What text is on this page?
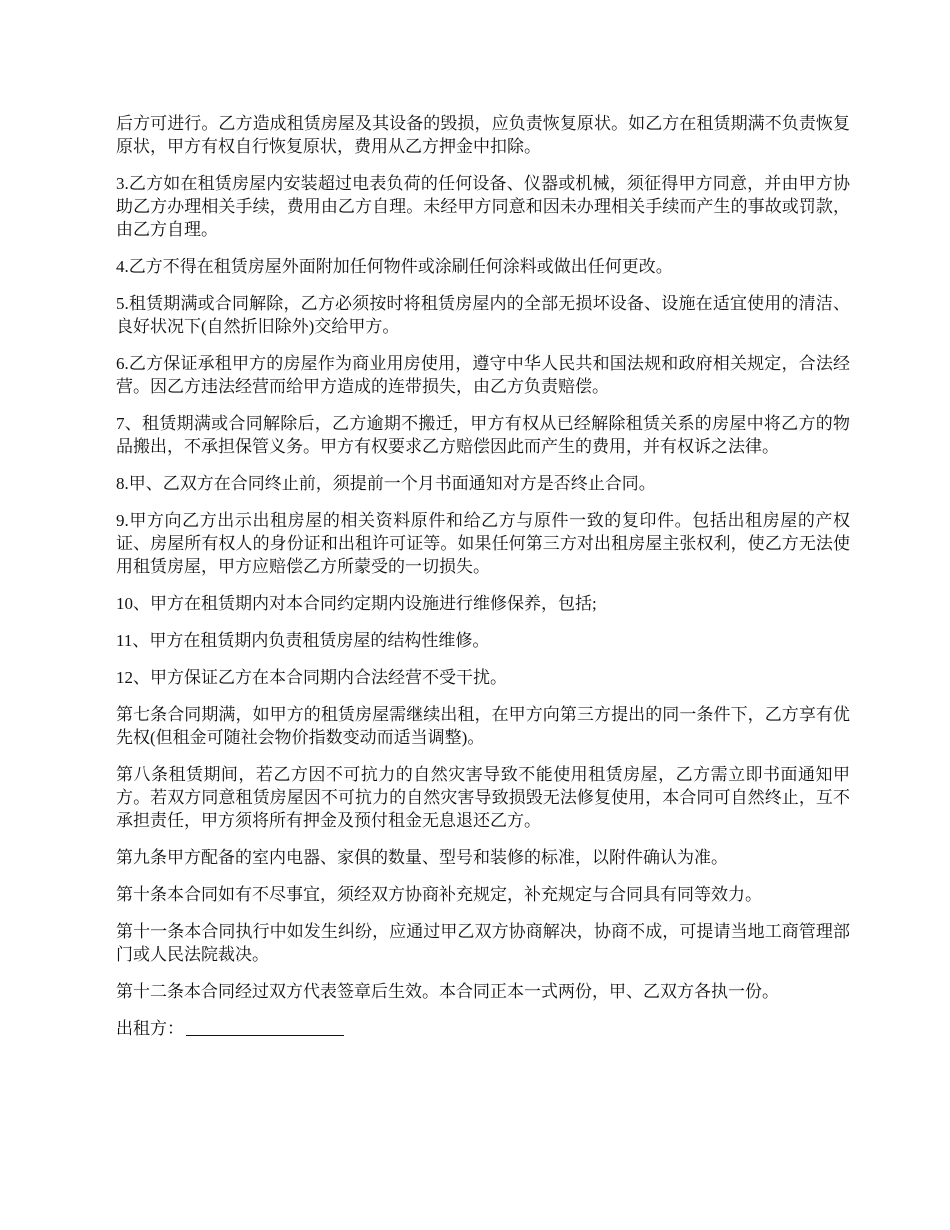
后方可进行。乙方造成租赁房屋及其设备的毁损，应负责恢复原状。如乙方在租赁期满不负责恢复原状，甲方有权自行恢复原状，费用从乙方押金中扣除。

3.乙方如在租赁房屋内安装超过电表负荷的任何设备、仪器或机械，须征得甲方同意，并由甲方协助乙方办理相关手续，费用由乙方自理。未经甲方同意和因未办理相关手续而产生的事故或罚款，由乙方自理。

4.乙方不得在租赁房屋外面附加任何物件或涂刷任何涂料或做出任何更改。

5.租赁期满或合同解除，乙方必须按时将租赁房屋内的全部无损坏设备、设施在适宜使用的清洁、良好状况下(自然折旧除外)交给甲方。

6.乙方保证承租甲方的房屋作为商业用房使用，遵守中华人民共和国法规和政府相关规定，合法经营。因乙方违法经营而给甲方造成的连带损失，由乙方负责赔偿。

7、租赁期满或合同解除后，乙方逾期不搬迁，甲方有权从已经解除租赁关系的房屋中将乙方的物品搬出，不承担保管义务。甲方有权要求乙方赔偿因此而产生的费用，并有权诉之法律。

8.甲、乙双方在合同终止前，须提前一个月书面通知对方是否终止合同。

9.甲方向乙方出示出租房屋的相关资料原件和给乙方与原件一致的复印件。包括出租房屋的产权证、房屋所有权人的身份证和出租许可证等。如果任何第三方对出租房屋主张权利，使乙方无法使用租赁房屋，甲方应赔偿乙方所蒙受的一切损失。

10、甲方在租赁期内对本合同约定期内设施进行维修保养，包括;

11、甲方在租赁期内负责租赁房屋的结构性维修。

12、甲方保证乙方在本合同期内合法经营不受干扰。

第七条合同期满，如甲方的租赁房屋需继续出租，在甲方向第三方提出的同一条件下，乙方享有优先权(但租金可随社会物价指数变动而适当调整)。

第八条租赁期间，若乙方因不可抗力的自然灾害导致不能使用租赁房屋，乙方需立即书面通知甲方。若双方同意租赁房屋因不可抗力的自然灾害导致损毁无法修复使用，本合同可自然终止，互不承担责任，甲方须将所有押金及预付租金无息退还乙方。

第九条甲方配备的室内电器、家俱的数量、型号和装修的标准，以附件确认为准。

第十条本合同如有不尽事宜，须经双方协商补充规定，补充规定与合同具有同等效力。

第十一条本合同执行中如发生纠纷，应通过甲乙双方协商解决，协商不成，可提请当地工商管理部门或人民法院裁决。

第十二条本合同经过双方代表签章后生效。本合同正本一式两份，甲、乙双方各执一份。

出租方：
